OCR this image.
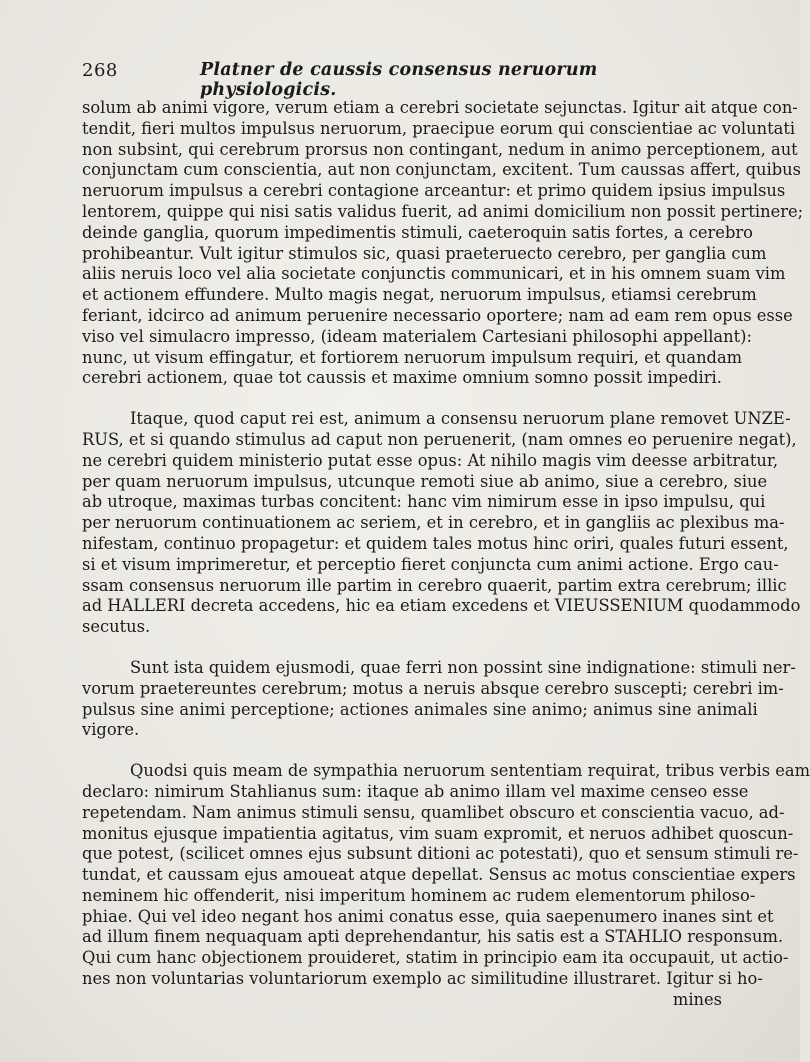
268	Platner de caussis consensus neruorum physiologicis.
solum ab animi vigore, verum etiam a cerebri societate sejunctas. Igitur ait atque con-
tendit, fieri multos impulsus neruorum, praecipue eorum qui conscientiae ac voluntati
non subsint, qui cerebrum prorsus non contingant, nedum in animo perceptionem, aut
conjunctam cum conscientia, aut non conjunctam, excitent. Tum caussas affert, quibus
neruorum impulsus a cerebri contagione arceantur: et primo quidem ipsius impulsus
lentorem, quippe qui nisi satis validus fuerit, ad animi domicilium non possit pertinere;
deinde ganglia, quorum impedimentis stimuli, caeteroquin satis fortes, a cerebro
prohibeantur. Vult igitur stimulos sic, quasi praeteruecto cerebro, per ganglia cum
aliis neruis loco vel alia societate conjunctis communicari, et in his omnem suam vim
et actionem effundere. Multo magis negat, neruorum impulsus, etiamsi cerebrum
feriant, idcirco ad animum peruenire necessario oportere; nam ad eam rem opus esse
viso vel simulacro impresso, (ideam materialem Cartesiani philosophi appellant):
nunc, ut visum effingatur, et fortiorem neruorum impulsum requiri, et quandam
cerebri actionem, quae tot caussis et maxime omnium somno possit impediri.
Itaque, quod caput rei est, animum a consensu neruorum plane removet UNZE-
RUS, et si quando stimulus ad caput non peruenerit, (nam omnes eo peruenire negat),
ne cerebri quidem ministerio putat esse opus: At nihilo magis vim deesse arbitratur,
per quam neruorum impulsus, utcunque remoti siue ab animo, siue a cerebro, siue
ab utroque, maximas turbas concitent: hanc vim nimirum esse in ipso impulsu, qui
per neruorum continuationem ac seriem, et in cerebro, et in gangliis ac plexibus ma-
nifestam, continuo propagetur: et quidem tales motus hinc oriri, quales futuri essent,
si et visum imprimeretur, et perceptio fieret conjuncta cum animi actione. Ergo cau-
ssam consensus neruorum ille partim in cerebro quaerit, partim extra cerebrum; illic
ad HALLERI decreta accedens, hic ea etiam excedens et VIEUSSENIUM quodammodo
secutus.
Sunt ista quidem ejusmodi, quae ferri non possint sine indignatione: stimuli ner-
vorum praetereuntes cerebrum; motus a neruis absque cerebro suscepti; cerebri im-
pulsus sine animi perceptione; actiones animales sine animo; animus sine animali
vigore.
Quodsi quis meam de sympathia neruorum sententiam requirat, tribus verbis eam
declaro: nimirum Stahlianus sum: itaque ab animo illam vel maxime censeo esse
repetendam. Nam animus stimuli sensu, quamlibet obscuro et conscientia vacuo, ad-
monitus ejusque impatientia agitatus, vim suam expromit, et neruos adhibet quoscun-
que potest, (scilicet omnes ejus subsunt ditioni ac potestati), quo et sensum stimuli re-
tundat, et caussam ejus amoueat atque depellat. Sensus ac motus conscientiae expers
neminem hic offenderit, nisi imperitum hominem ac rudem elementorum philoso-
phiae. Qui vel ideo negant hos animi conatus esse, quia saepenumero inanes sint et
ad illum finem nequaquam apti deprehendantur, his satis est a STAHLIO responsum.
Qui cum hanc objectionem prouideret, statim in principio eam ita occupauit, ut actio-
nes non voluntarias voluntariorum exemplo ac similitudine illustraret. Igitur si ho-
mines
